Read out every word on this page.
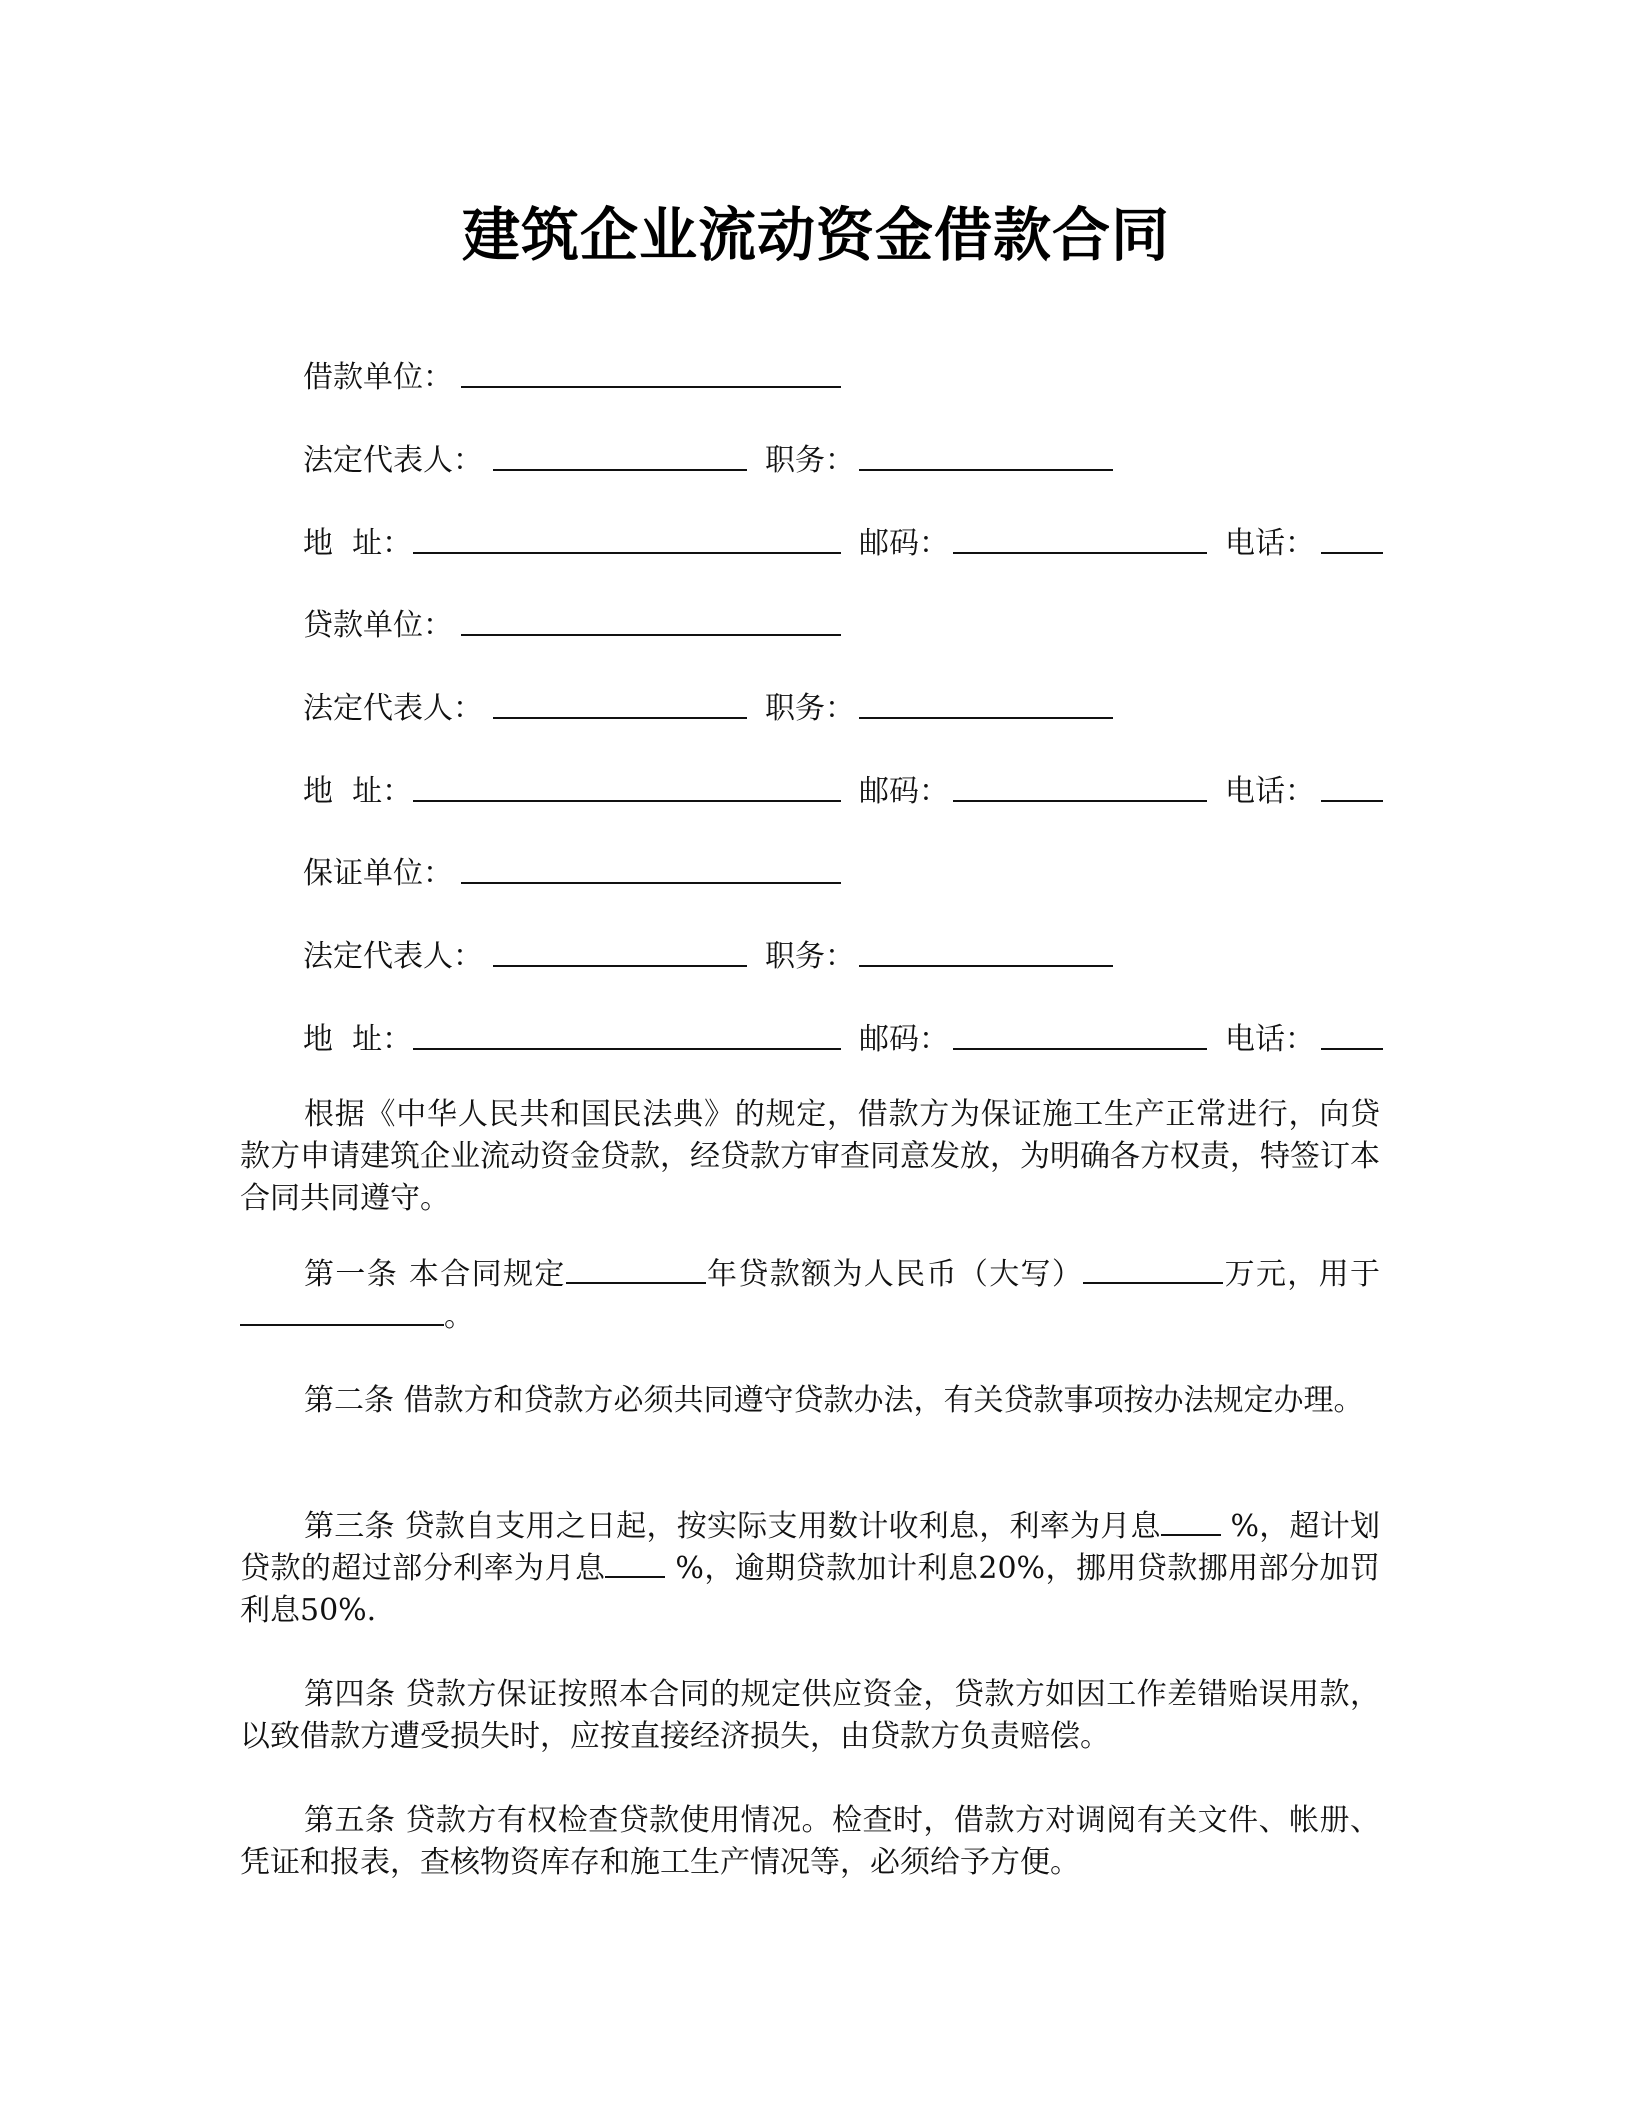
建筑企业流动资金借款合同
借款单位：
法定代表人：	职务：
地  址：	邮码：	电话：
贷款单位：
法定代表人：	职务：
地  址：	邮码：	电话：
保证单位：
法定代表人：	职务：
地  址：	邮码：	电话：

根据《中华人民共和国民法典》的规定，借款方为保证施工生产正常进行，向贷款方申请建筑企业流动资金贷款，经贷款方审查同意发放，为明确各方权责，特签订本合同共同遵守。

第一条 本合同规定	年贷款额为人民币（大写）	万元，用于。

第二条 借款方和贷款方必须共同遵守贷款办法，有关贷款事项按办法规定办理。

第三条 贷款自支用之日起，按实际支用数计收利息，利率为月息 %，超计划贷款的超过部分利率为月息 %，逾期贷款加计利息20%，挪用贷款挪用部分加罚利息50%.

第四条 贷款方保证按照本合同的规定供应资金，贷款方如因工作差错贻误用款，以致借款方遭受损失时，应按直接经济损失，由贷款方负责赔偿。

第五条 贷款方有权检查贷款使用情况。检查时，借款方对调阅有关文件、帐册、凭证和报表，查核物资库存和施工生产情况等，必须给予方便。
